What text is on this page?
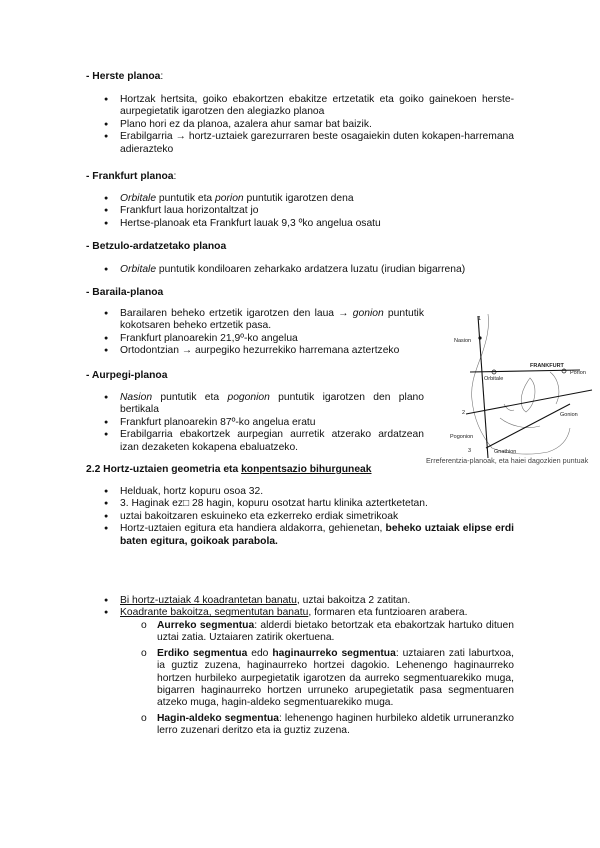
- Herste planoa:
● Hortzak hertsita, goiko ebakortzen ebakitze ertzetatik eta goiko gainekoen herste-aurpegietatik igarotzen den alegiazko planoa
● Plano hori ez da planoa, azalera ahur samar bat baizik.
● Erabilgarria → hortz-uztaiek garezurraren beste osagaiekin duten kokapen-harremana adierazteko
- Frankfurt planoa:
● Orbitale puntutik eta porion puntutik igarotzen dena
● Frankfurt laua horizontaltzat jo
● Hertse-planoak eta Frankfurt lauak 9,3 ºko angelua osatu
- Betzulo-ardatzetako planoa
● Orbitale puntutik kondiloaren zeharkako ardatzera luzatu (irudian bigarrena)
- Baraila-planoa
● Barailaren beheko ertzetik igarotzen den laua → gonion puntutik kokotsaren beheko ertzetik pasa.
● Frankfurt planoarekin 21,9º-ko angelua
● Ortodontzian → aurpegiko hezurrekiko harremana aztertzeko
- Aurpegi-planoa
● Nasion puntutik eta pogonion puntutik igarotzen den plano bertikala
● Frankfurt planoarekin 87º-ko angelua eratu
● Erabilgarria ebakortzek aurpegian aurretik atzerako ardatzean izan dezaketen kokapena ebaluatzeko.
1
Nasion
FRANKFURT
Orbitale
Porion
2	Gonion
Pogonion
3	Gnathion
Erreferentzia-planoak, eta haiei dagozkien puntuak
2.2 Hortz-uztaien geometria eta konpentsazio bihurguneak
● Helduak, hortz kopuru osoa 32.
● 3. Haginak ez□ 28 hagin, kopuru osotzat hartu klinika aztertketetan.
● uztai bakoitzaren eskuineko eta ezkerreko erdiak simetrikoak
● Hortz-uztaien egitura eta handiera aldakorra, gehienetan, beheko uztaiak elipse erdi baten egitura, goikoak parabola.
● Bi hortz-uztaiak 4 koadrantetan banatu, uztai bakoitza 2 zatitan.
● Koadrante bakoitza, segmentutan banatu, formaren eta funtzioaren arabera.
o Aurreko segmentua: alderdi bietako betortzak eta ebakortzak hartuko dituen uztai zatia. Uztaiaren zatirik okertuena.
o Erdiko segmentua edo haginaurreko segmentua: uztaiaren zati laburtxoa, ia guztiz zuzena, haginaurreko hortzei dagokio. Lehenengo haginaurreko hortzen hurbileko aurpegietatik igarotzen da aurreko segmentuarekiko muga, bigarren haginaurreko hortzen urruneko arupegietatik pasa segmentuaren atzeko muga, hagin-aldeko segmentuarekiko muga.
o Hagin-aldeko segmentua: lehenengo haginen hurbileko aldetik urruneranzko lerro zuzenari deritzo eta ia guztiz zuzena.
